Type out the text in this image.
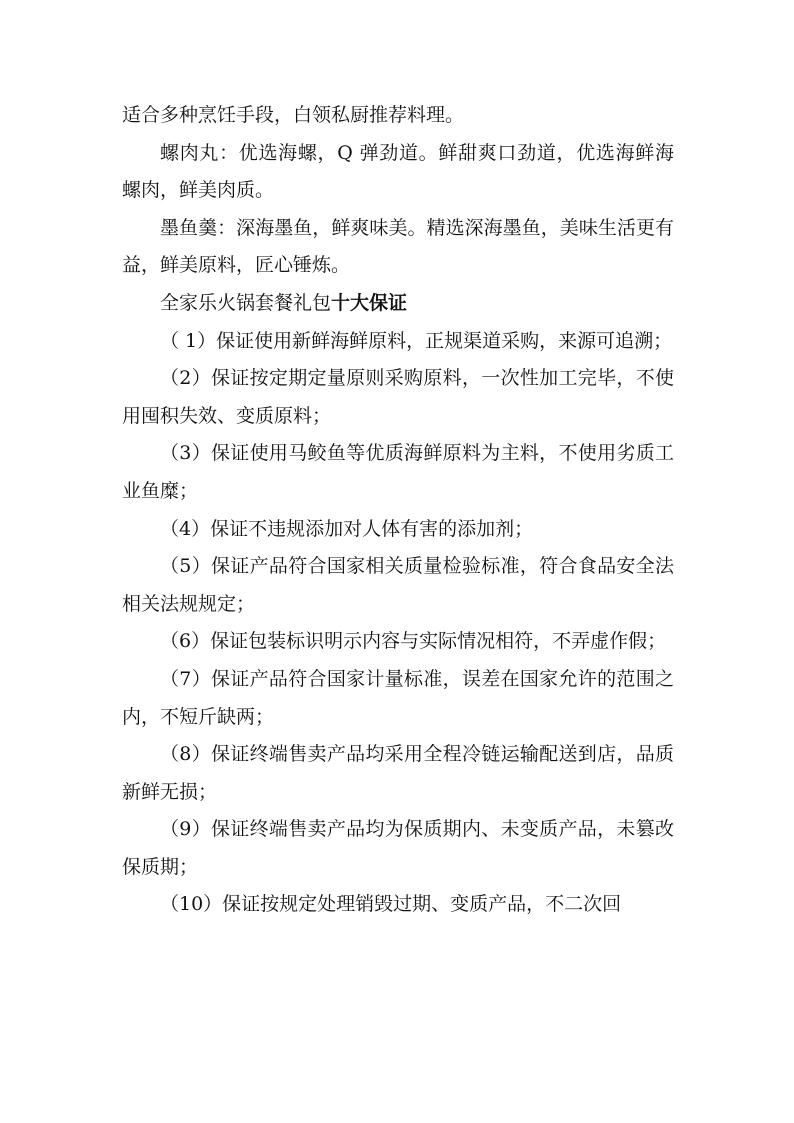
适合多种烹饪手段，白领私厨推荐料理。

螺肉丸：优选海螺，Q 弹劲道。鲜甜爽口劲道，优选海鲜海螺肉，鲜美肉质。

墨鱼羹：深海墨鱼，鲜爽味美。精选深海墨鱼，美味生活更有益，鲜美原料，匠心锤炼。

全家乐火锅套餐礼包十大保证

（ 1）保证使用新鲜海鲜原料，正规渠道采购，来源可追溯；

（2）保证按定期定量原则采购原料，一次性加工完毕，不使用囤积失效、变质原料；

（3）保证使用马鲛鱼等优质海鲜原料为主料，不使用劣质工业鱼糜；

（4）保证不违规添加对人体有害的添加剂；

（5）保证产品符合国家相关质量检验标准，符合食品安全法相关法规规定；

（6）保证包装标识明示内容与实际情况相符，不弄虚作假；

（7）保证产品符合国家计量标准，误差在国家允许的范围之内，不短斤缺两；

（8）保证终端售卖产品均采用全程冷链运输配送到店，品质新鲜无损；

（9）保证终端售卖产品均为保质期内、未变质产品，未篡改保质期；

（10）保证按规定处理销毁过期、变质产品，不二次回
